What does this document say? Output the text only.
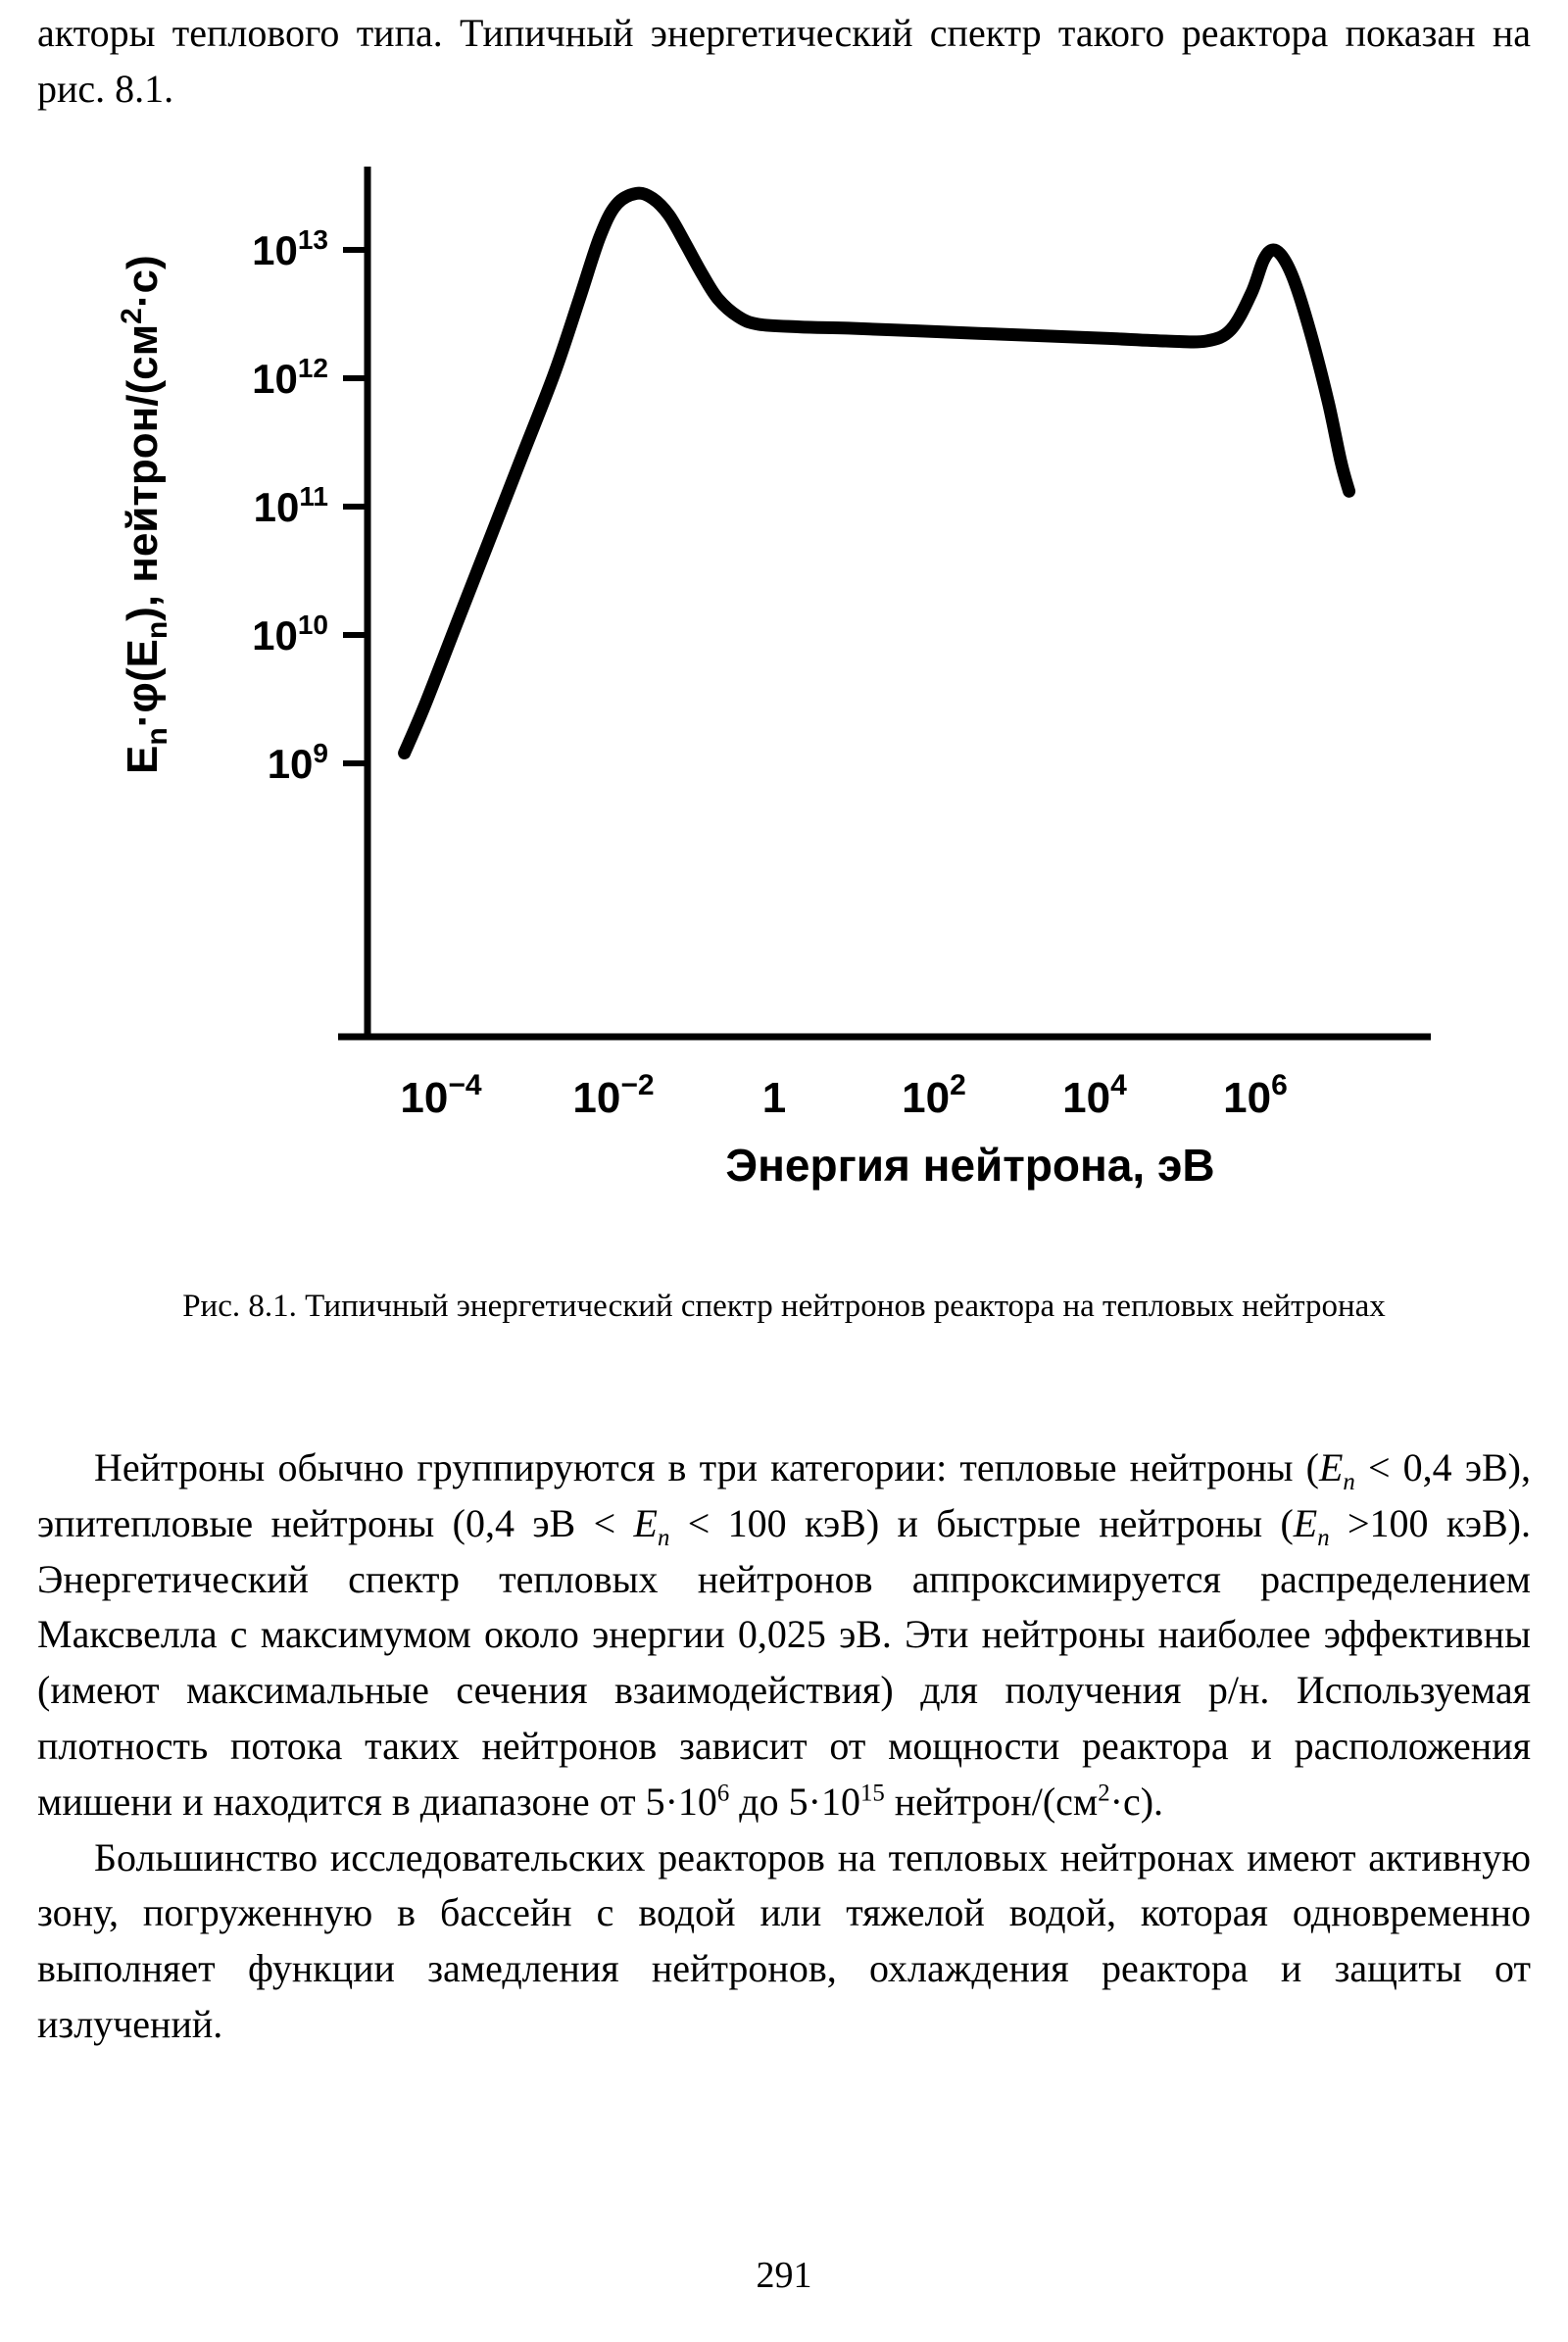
акторы теплового типа. Типичный энергетический спектр такого реактора показан на рис. 8.1.

$10^{13}$
$10^{12}$
$10^{11}$
$10^{10}$
$10^9$
$E_n\cdot\varphi(E_n)$, нейтрон/$(см^2\cdot с)$
$10^{-4}$ $10^{-2}$	1	$10^2$ $10^4$ $10^6$
Энергия нейтрона, эВ
Рис. 8.1. Типичный энергетический спектр нейтронов реактора на тепловых нейтронах

Нейтроны обычно группируются в три категории: тепловые нейтроны ($E_n < 0,4$ эВ), эпитепловые нейтроны (0,4 эВ < $E_n < 100$ кэВ) и быстрые нейтроны ($E_n >100$ кэВ). Энергетический спектр тепловых нейтронов аппроксимируется распределением Максвелла с максимумом около энергии 0,025 эВ. Эти нейтроны наиболее эффективны (имеют максимальные сечения взаимодействия) для получения р/н. Используемая плотность потока таких нейтронов зависит от мощности реактора и расположения мишени и находится в диапазоне от $5\cdot 10^6$ до $5\cdot 10^{15}$ нейтрон/$(см^2\cdot с)$.

Большинство исследовательских реакторов на тепловых нейтронах имеют активную зону, погруженную в бассейн с водой или тяжелой водой, которая одновременно выполняет функции замедления нейтронов, охлаждения реактора и защиты от излучений.

291
